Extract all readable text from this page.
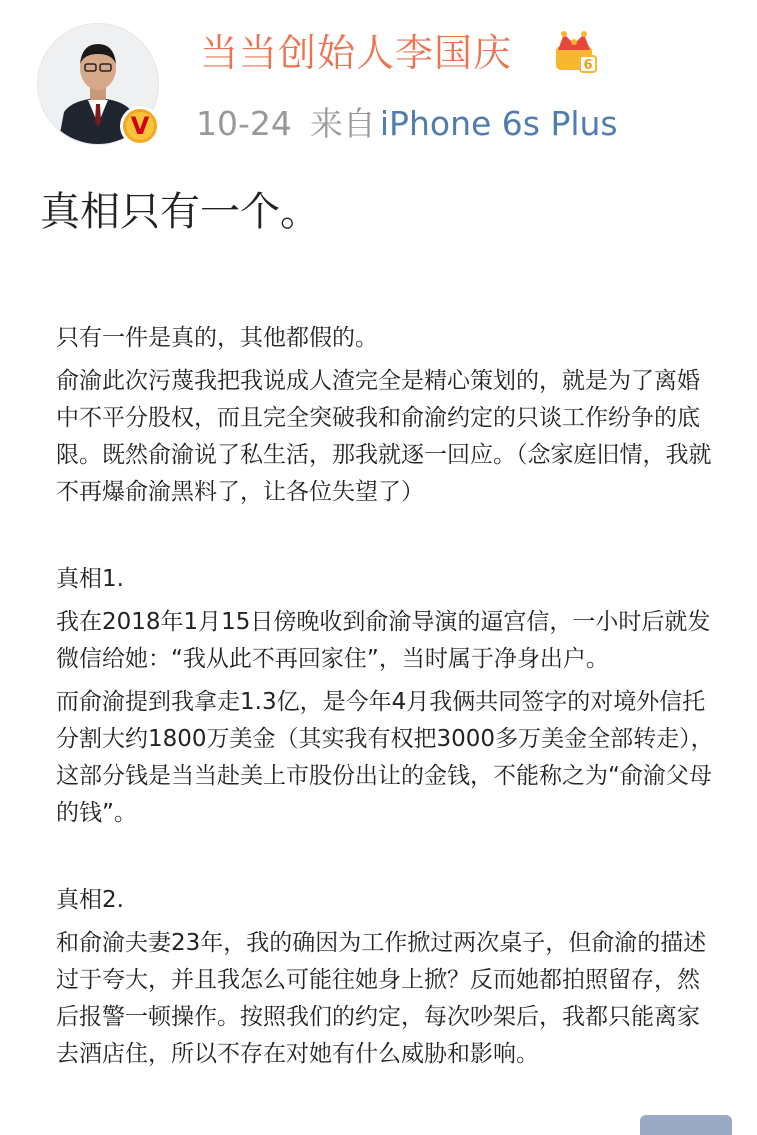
V
当当创始人李国庆	6
10-24 来自 iPhone 6s Plus
真相只有一个。

只有一件是真的，其他都假的。

俞渝此次污蔑我把我说成人渣完全是精心策划的，就是为了离婚中不平分股权，而且完全突破我和俞渝约定的只谈工作纷争的底限。既然俞渝说了私生活，那我就逐一回应。（念家庭旧情，我就不再爆俞渝黑料了，让各位失望了）

真相1.

我在2018年1月15日傍晚收到俞渝导演的逼宫信，一小时后就发微信给她：“我从此不再回家住”，当时属于净身出户。

而俞渝提到我拿走1.3亿，是今年4月我俩共同签字的对境外信托分割大约1800万美金（其实我有权把3000多万美金全部转走），这部分钱是当当赴美上市股份出让的金钱，不能称之为“俞渝父母的钱”。

真相2.

和俞渝夫妻23年，我的确因为工作掀过两次桌子，但俞渝的描述过于夸大，并且我怎么可能往她身上掀？反而她都拍照留存，然后报警一顿操作。按照我们的约定，每次吵架后，我都只能离家去酒店住，所以不存在对她有什么威胁和影响。
